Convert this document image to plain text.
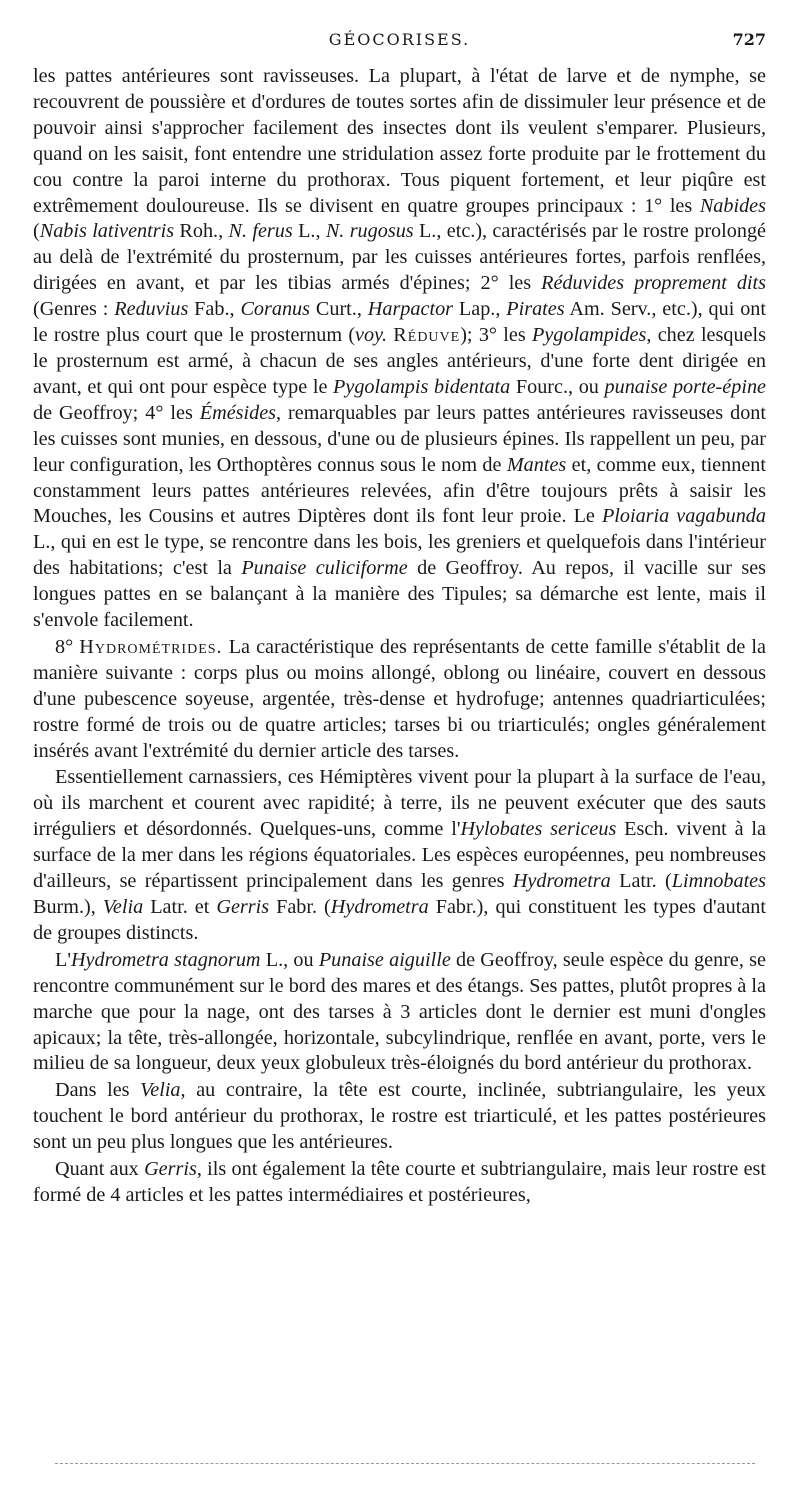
GÉOCORISES.	727

les pattes antérieures sont ravisseuses. La plupart, à l'état de larve et de nymphe, se recouvrent de poussière et d'ordures de toutes sortes afin de dissimuler leur présence et de pouvoir ainsi s'approcher facilement des insectes dont ils veulent s'emparer. Plusieurs, quand on les saisit, font entendre une stridulation assez forte produite par le frottement du cou contre la paroi interne du prothorax. Tous piquent fortement, et leur piqûre est extrêmement douloureuse. Ils se divisent en quatre groupes principaux : 1° les Nabides (Nabis lativentris Roh., N. ferus L., N. rugosus L., etc.), caractérisés par le rostre prolongé au delà de l'extrémité du prosternum, par les cuisses antérieures fortes, parfois renflées, dirigées en avant, et par les tibias armés d'épines; 2° les Réduvides proprement dits (Genres : Reduvius Fab., Coranus Curt., Harpactor Lap., Pirates Am. Serv., etc.), qui ont le rostre plus court que le prosternum (voy. Réduve); 3° les Pygolampides, chez lesquels le prosternum est armé, à chacun de ses angles antérieurs, d'une forte dent dirigée en avant, et qui ont pour espèce type le Pygolampis bidentata Fourc., ou punaise porte-épine de Geoffroy; 4° les Émésides, remarquables par leurs pattes antérieures ravisseuses dont les cuisses sont munies, en dessous, d'une ou de plusieurs épines. Ils rappellent un peu, par leur configuration, les Orthoptères connus sous le nom de Mantes et, comme eux, tiennent constamment leurs pattes antérieures relevées, afin d'être toujours prêts à saisir les Mouches, les Cousins et autres Diptères dont ils font leur proie. Le Ploiaria vagabunda L., qui en est le type, se rencontre dans les bois, les greniers et quelquefois dans l'intérieur des habitations; c'est la Punaise culiciforme de Geoffroy. Au repos, il vacille sur ses longues pattes en se balançant à la manière des Tipules; sa démarche est lente, mais il s'envole facilement.

8° Hydrométrides. La caractéristique des représentants de cette famille s'établit de la manière suivante : corps plus ou moins allongé, oblong ou linéaire, couvert en dessous d'une pubescence soyeuse, argentée, très-dense et hydrofuge; antennes quadriarticulées; rostre formé de trois ou de quatre articles; tarses bi ou triarticulés; ongles généralement insérés avant l'extrémité du dernier article des tarses.

Essentiellement carnassiers, ces Hémiptères vivent pour la plupart à la surface de l'eau, où ils marchent et courent avec rapidité; à terre, ils ne peuvent exécuter que des sauts irréguliers et désordonnés. Quelques-uns, comme l'Hylobates sericeus Esch. vivent à la surface de la mer dans les régions équatoriales. Les espèces européennes, peu nombreuses d'ailleurs, se répartissent principalement dans les genres Hydrometra Latr. (Limnobates Burm.), Velia Latr. et Gerris Fabr. (Hydrometra Fabr.), qui constituent les types d'autant de groupes distincts.

L'Hydrometra stagnorum L., ou Punaise aiguille de Geoffroy, seule espèce du genre, se rencontre communément sur le bord des mares et des étangs. Ses pattes, plutôt propres à la marche que pour la nage, ont des tarses à 3 articles dont le dernier est muni d'ongles apicaux; la tête, très-allongée, horizontale, subcylindrique, renflée en avant, porte, vers le milieu de sa longueur, deux yeux globuleux très-éloignés du bord antérieur du prothorax.

Dans les Velia, au contraire, la tête est courte, inclinée, subtriangulaire, les yeux touchent le bord antérieur du prothorax, le rostre est triarticulé, et les pattes postérieures sont un peu plus longues que les antérieures.

Quant aux Gerris, ils ont également la tête courte et subtriangulaire, mais leur rostre est formé de 4 articles et les pattes intermédiaires et postérieures,
